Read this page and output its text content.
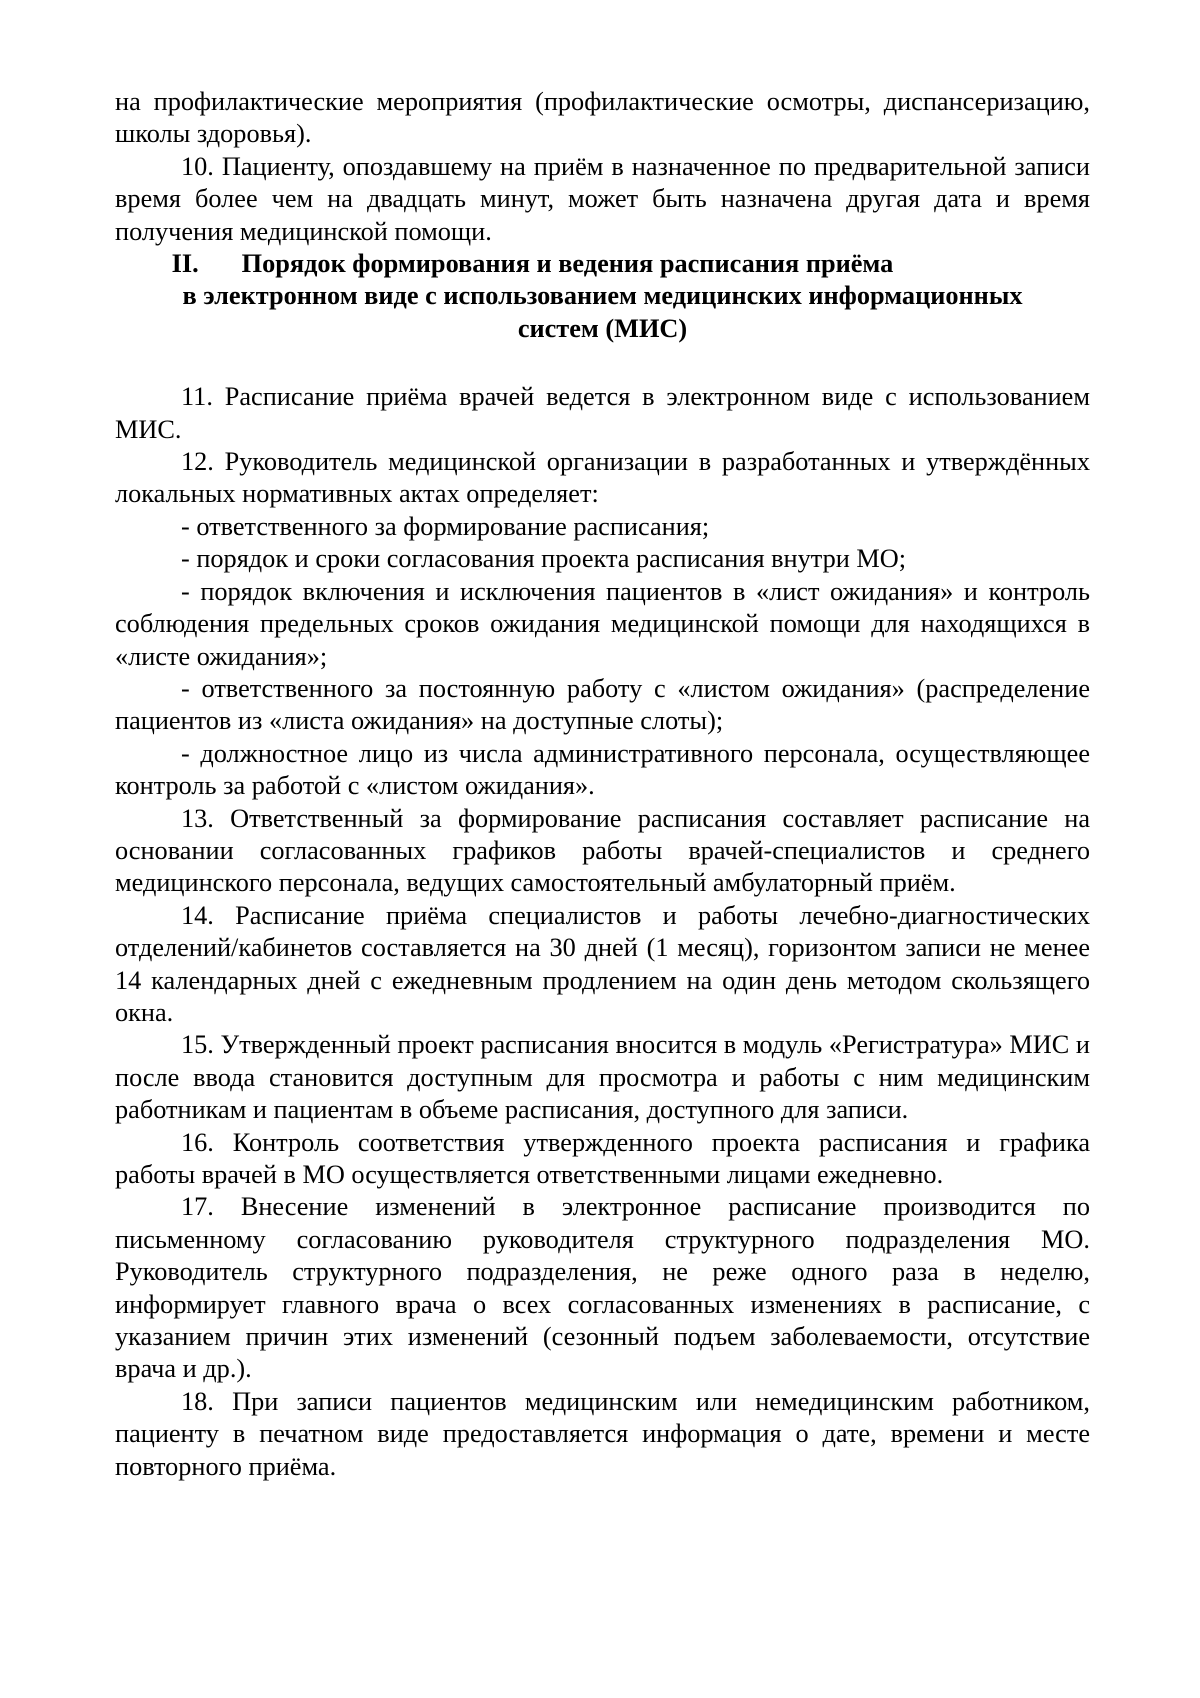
на профилактические мероприятия (профилактические осмотры, диспансеризацию, школы здоровья).

10. Пациенту, опоздавшему на приём в назначенное по предварительной записи время более чем на двадцать минут, может быть назначена другая дата и время получения медицинской помощи.

II. Порядок формирования и ведения расписания приёма
в электронном виде с использованием медицинских информационных
систем (МИС)

11. Расписание приёма врачей ведется в электронном виде с использованием МИС.

12. Руководитель медицинской организации в разработанных и утверждённых локальных нормативных актах определяет:

- ответственного за формирование расписания;

- порядок и сроки согласования проекта расписания внутри МО;

- порядок включения и исключения пациентов в «лист ожидания» и контроль соблюдения предельных сроков ожидания медицинской помощи для находящихся в «листе ожидания»;

- ответственного за постоянную работу с «листом ожидания» (распределение пациентов из «листа ожидания» на доступные слоты);

- должностное лицо из числа административного персонала, осуществляющее контроль за работой с «листом ожидания».

13. Ответственный за формирование расписания составляет расписание на основании согласованных графиков работы врачей-специалистов и среднего медицинского персонала, ведущих самостоятельный амбулаторный приём.

14. Расписание приёма специалистов и работы лечебно-диагностических отделений/кабинетов составляется на 30 дней (1 месяц), горизонтом записи не менее 14 календарных дней с ежедневным продлением на один день методом скользящего окна.

15. Утвержденный проект расписания вносится в модуль «Регистратура» МИС и после ввода становится доступным для просмотра и работы с ним медицинским работникам и пациентам в объеме расписания, доступного для записи.

16. Контроль соответствия утвержденного проекта расписания и графика работы врачей в МО осуществляется ответственными лицами ежедневно.

17. Внесение изменений в электронное расписание производится по письменному согласованию руководителя структурного подразделения МО. Руководитель структурного подразделения, не реже одного раза в неделю, информирует главного врача о всех согласованных изменениях в расписание, с указанием причин этих изменений (сезонный подъем заболеваемости, отсутствие врача и др.).

18. При записи пациентов медицинским или немедицинским работником, пациенту в печатном виде предоставляется информация о дате, времени и месте повторного приёма.
